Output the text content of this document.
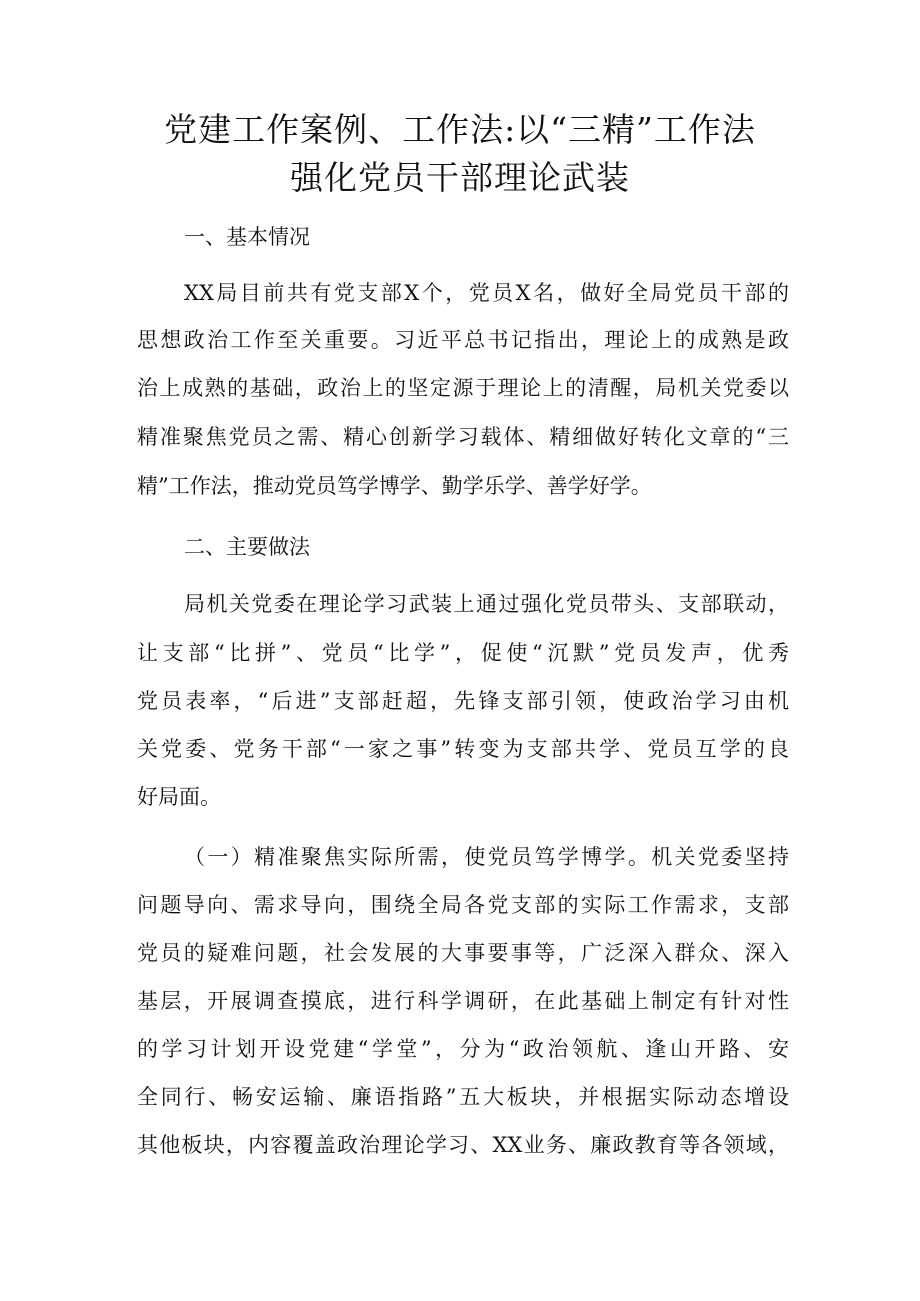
党建工作案例、工作法:以“三精”工作法
强化党员干部理论武装
一、基本情况

XX局目前共有党支部X个，党员X名，做好全局党员干部的

思想政治工作至关重要。习近平总书记指出，理论上的成熟是政

治上成熟的基础，政治上的坚定源于理论上的清醒，局机关党委以

精准聚焦党员之需、精心创新学习载体、精细做好转化文章的“三

精”工作法，推动党员笃学博学、勤学乐学、善学好学。

二、主要做法

局机关党委在理论学习武装上通过强化党员带头、支部联动，

让支部“比拼”、党员“比学”，促使“沉默”党员发声，优秀

党员表率，“后进”支部赶超，先锋支部引领，使政治学习由机

关党委、党务干部“一家之事”转变为支部共学、党员互学的良

好局面。

（一）精准聚焦实际所需，使党员笃学博学。机关党委坚持

问题导向、需求导向，围绕全局各党支部的实际工作需求，支部

党员的疑难问题，社会发展的大事要事等，广泛深入群众、深入

基层，开展调查摸底，进行科学调研，在此基础上制定有针对性

的学习计划开设党建“学堂”，分为“政治领航、逢山开路、安

全同行、畅安运输、廉语指路”五大板块，并根据实际动态增设

其他板块，内容覆盖政治理论学习、XX业务、廉政教育等各领域，
